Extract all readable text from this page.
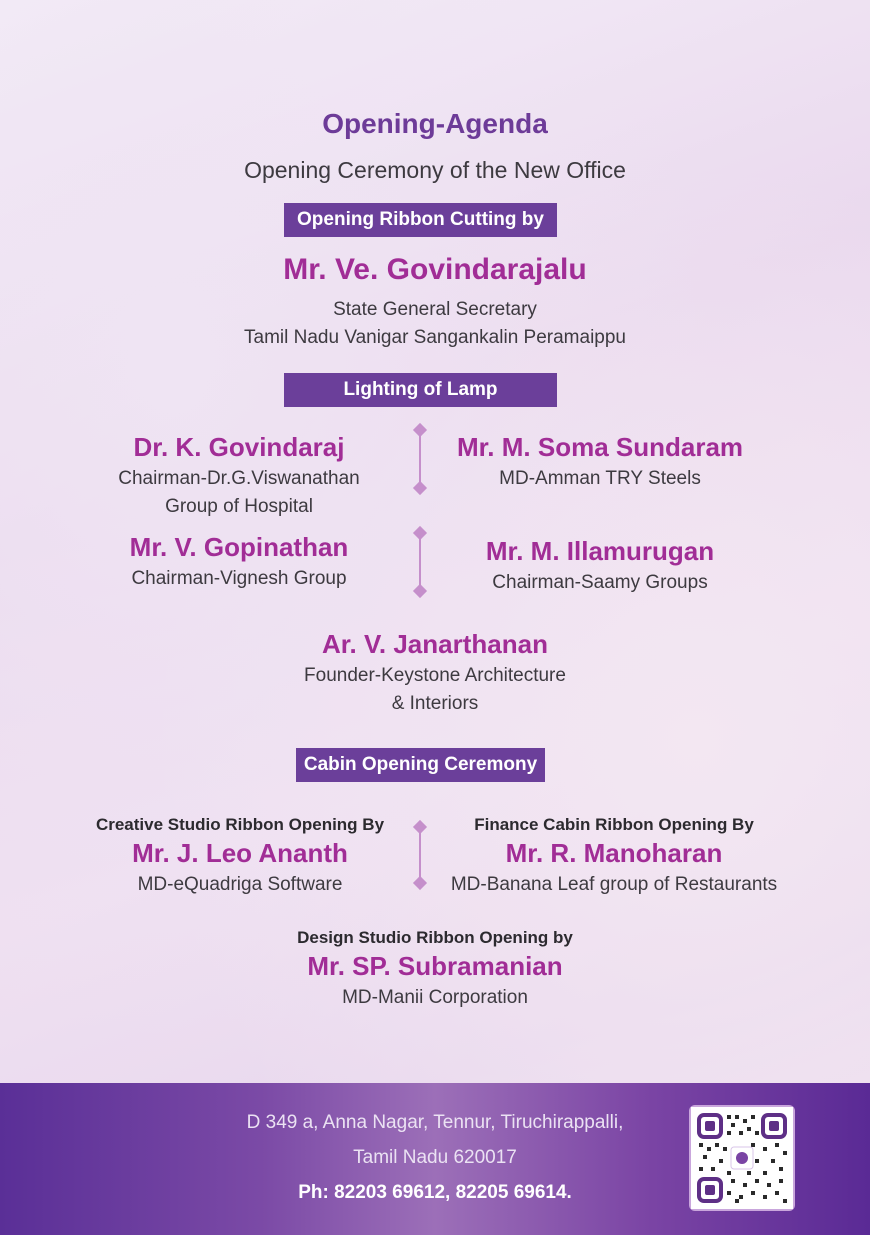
Opening-Agenda
Opening Ceremony of the New Office
Opening Ribbon Cutting by
Mr. Ve. Govindarajalu
State General Secretary
Tamil Nadu Vanigar Sangankalin Peramaippu
Lighting of Lamp
Dr. K. Govindaraj
Chairman-Dr.G.Viswanathan
Group of Hospital
Mr. M. Soma Sundaram
MD-Amman TRY Steels
Mr. V. Gopinathan
Chairman-Vignesh Group
Mr. M. Illamurugan
Chairman-Saamy Groups
Ar. V. Janarthanan
Founder-Keystone Architecture
& Interiors
Cabin Opening Ceremony
Creative Studio Ribbon Opening By
Mr. J. Leo Ananth
MD-eQuadriga Software
Finance Cabin Ribbon Opening By
Mr. R. Manoharan
MD-Banana Leaf group of Restaurants
Design Studio Ribbon Opening by
Mr. SP. Subramanian
MD-Manii Corporation
D 349 a, Anna Nagar, Tennur, Tiruchirappalli,
Tamil Nadu 620017
Ph: 82203 69612, 82205 69614.
